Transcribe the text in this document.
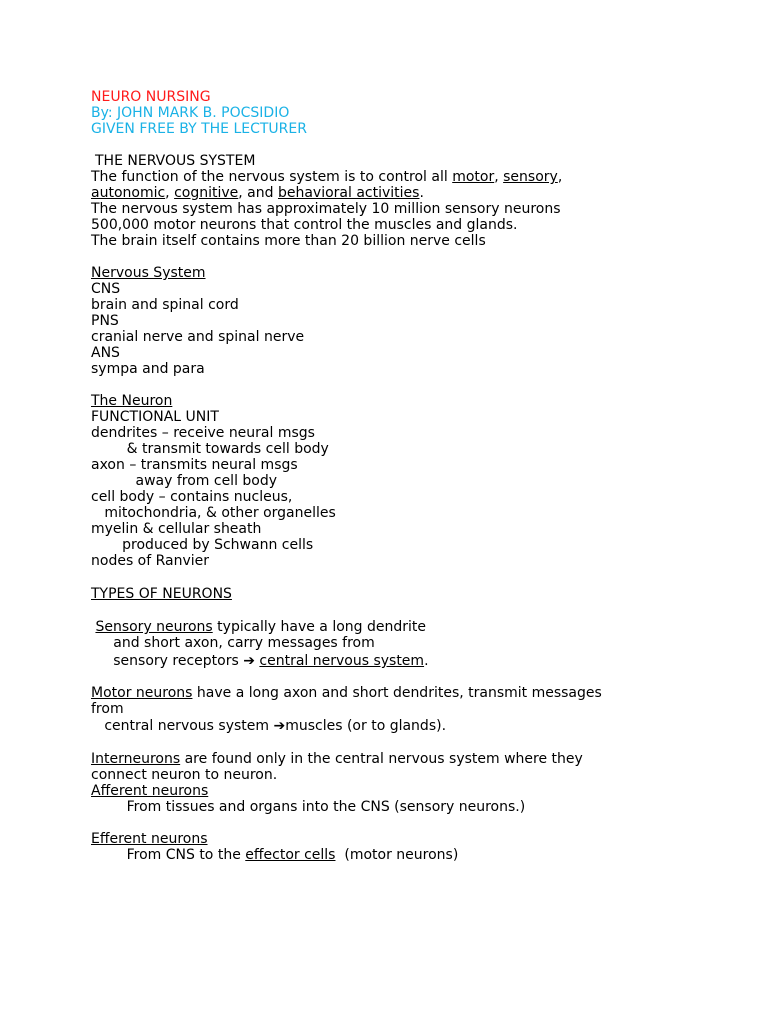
NEURO NURSING
By: JOHN MARK B. POCSIDIO
GIVEN FREE BY THE LECTURER
THE NERVOUS SYSTEM
The function of the nervous system is to control all motor, sensory,
autonomic, cognitive, and behavioral activities.
The nervous system has approximately 10 million sensory neurons
500,000 motor neurons that control the muscles and glands.
The brain itself contains more than 20 billion nerve cells
Nervous System
CNS
brain and spinal cord
PNS
cranial nerve and spinal nerve
ANS
sympa and para
The Neuron
FUNCTIONAL UNIT
dendrites – receive neural msgs
& transmit towards cell body
axon – transmits neural msgs
away from cell body
cell body – contains nucleus,
mitochondria, & other organelles
myelin & cellular sheath
produced by Schwann cells
nodes of Ranvier
TYPES OF NEURONS
Sensory neurons typically have a long dendrite
and short axon, carry messages from
sensory receptors ➔ central nervous system.
Motor neurons have a long axon and short dendrites, transmit messages
from
central nervous system ➔muscles (or to glands).
Interneurons are found only in the central nervous system where they
connect neuron to neuron.
Afferent neurons
From tissues and organs into the CNS (sensory neurons.)
Efferent neurons
From CNS to the effector cells  (motor neurons)
